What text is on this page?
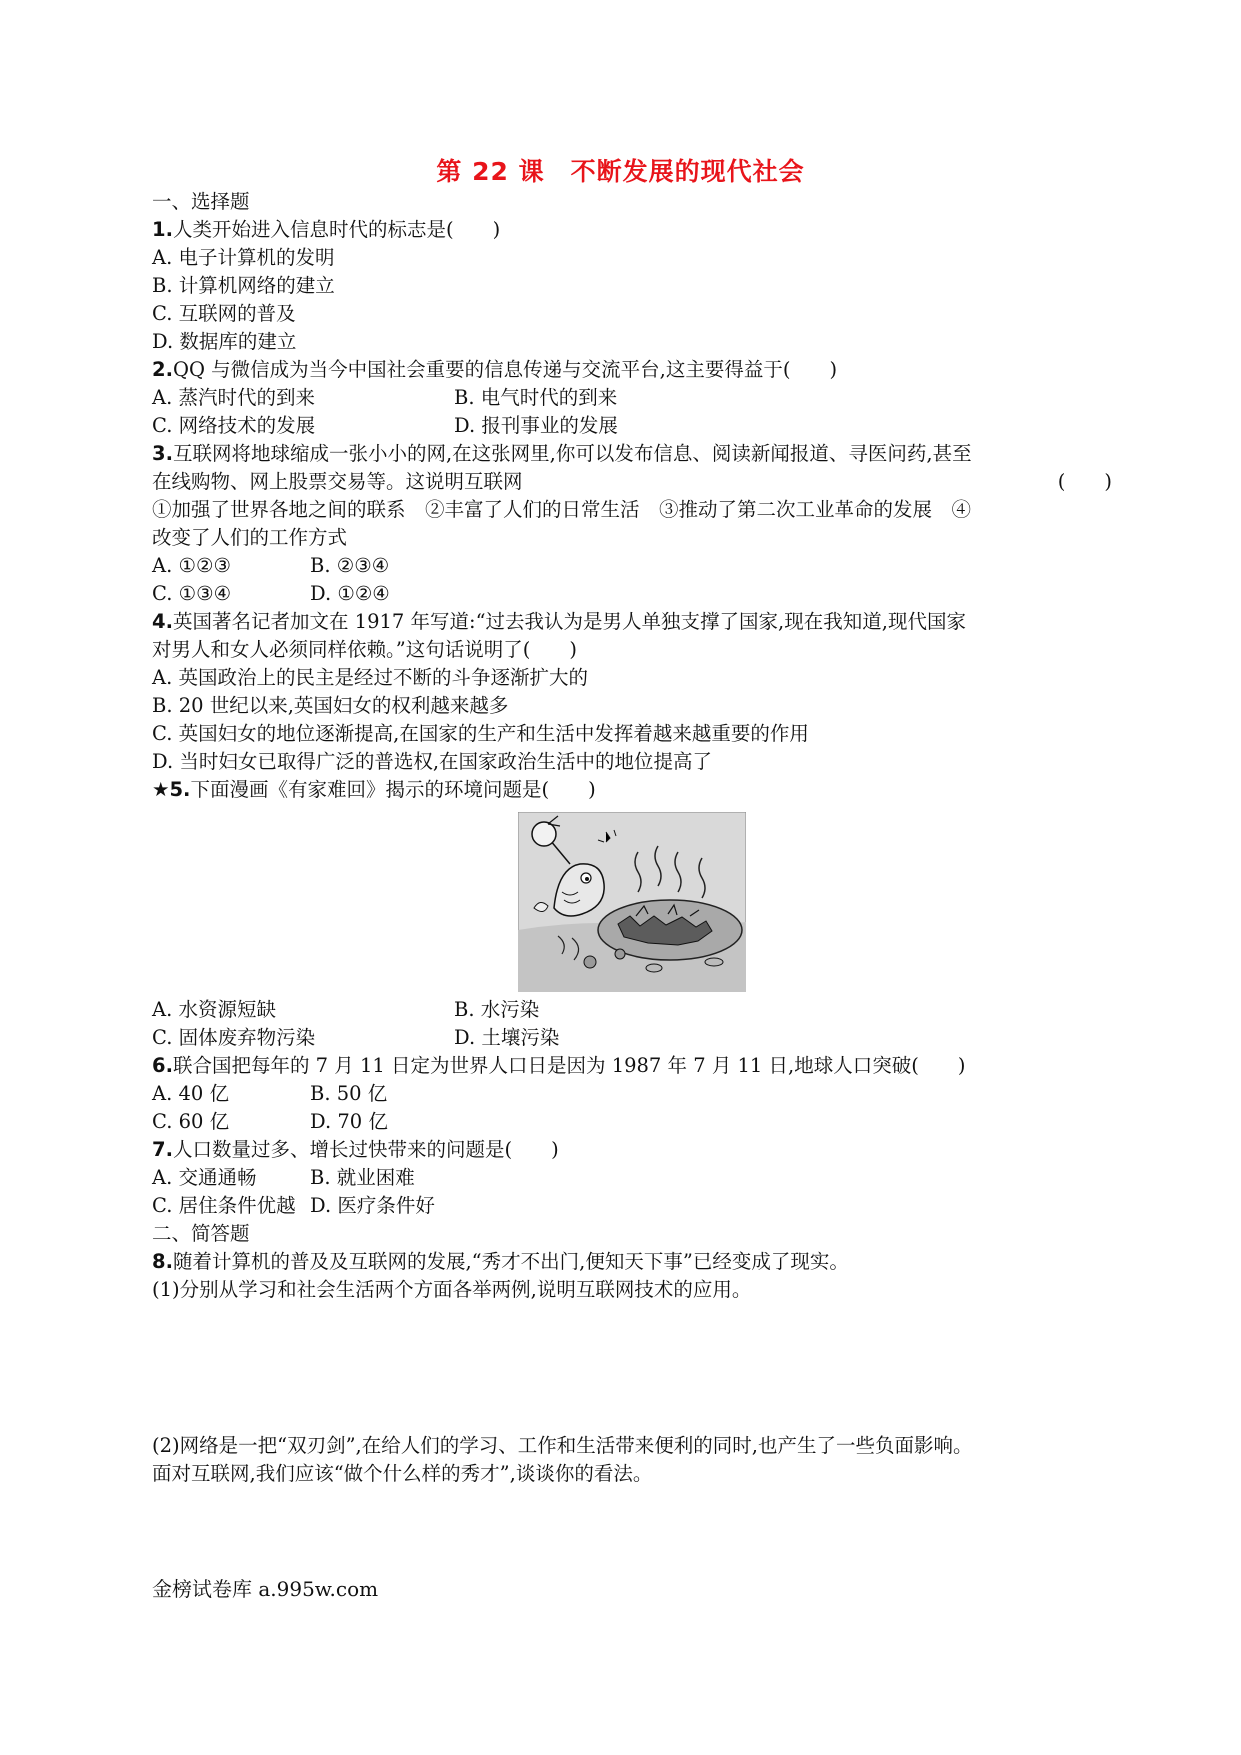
第 22 课　不断发展的现代社会
一、选择题
1.人类开始进入信息时代的标志是(　　)
A. 电子计算机的发明
B. 计算机网络的建立
C. 互联网的普及
D. 数据库的建立
2.QQ 与微信成为当今中国社会重要的信息传递与交流平台,这主要得益于(　　)
A. 蒸汽时代的到来	B. 电气时代的到来
C. 网络技术的发展	D. 报刊事业的发展
3.互联网将地球缩成一张小小的网,在这张网里,你可以发布信息、阅读新闻报道、寻医问药,甚至
在线购物、网上股票交易等。这说明互联网	(　　)
①加强了世界各地之间的联系　②丰富了人们的日常生活　③推动了第二次工业革命的发展　④
改变了人们的工作方式
A. ①②③	B. ②③④
C. ①③④	D. ①②④
4.英国著名记者加文在 1917 年写道:“过去我认为是男人单独支撑了国家,现在我知道,现代国家
对男人和女人必须同样依赖。”这句话说明了(　　)
A. 英国政治上的民主是经过不断的斗争逐渐扩大的
B. 20 世纪以来,英国妇女的权利越来越多
C. 英国妇女的地位逐渐提高,在国家的生产和生活中发挥着越来越重要的作用
D. 当时妇女已取得广泛的普选权,在国家政治生活中的地位提高了
★5.下面漫画《有家难回》揭示的环境问题是(　　)
A. 水资源短缺	B. 水污染
C. 固体废弃物污染	D. 土壤污染
6.联合国把每年的 7 月 11 日定为世界人口日是因为 1987 年 7 月 11 日,地球人口突破(　　)
A. 40 亿	B. 50 亿
C. 60 亿	D. 70 亿
7.人口数量过多、增长过快带来的问题是(　　)
A. 交通通畅	B. 就业困难
C. 居住条件优越 D. 医疗条件好
二、简答题
8.随着计算机的普及及互联网的发展,“秀才不出门,便知天下事”已经变成了现实。
(1)分别从学习和社会生活两个方面各举两例,说明互联网技术的应用。
(2)网络是一把“双刃剑”,在给人们的学习、工作和生活带来便利的同时,也产生了一些负面影响。
面对互联网,我们应该“做个什么样的秀才”,谈谈你的看法。
金榜试卷库 a.995w.com
